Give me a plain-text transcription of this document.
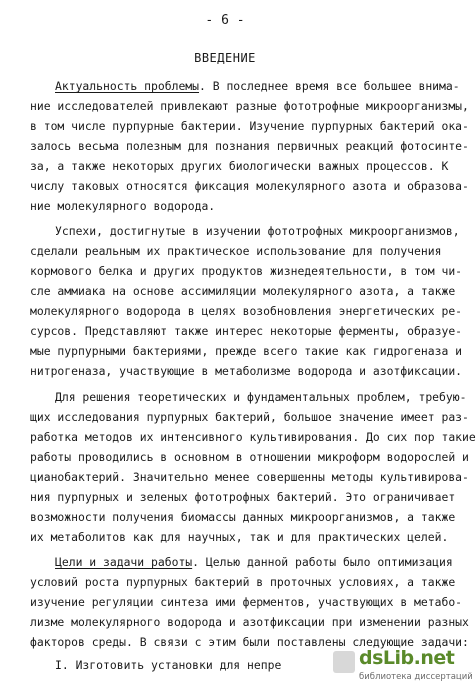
- 6 -
ВВЕДЕНИЕ
Актуальность проблемы. В последнее время все большее внима-
ние исследователей привлекают разные фототрофные микроорганизмы,
в том числе пурпурные бактерии. Изучение пурпурных бактерий ока-
залось весьма полезным для познания первичных реакций фотосинте-
за, а также некоторых других биологически важных процессов. К
числу таковых относятся фиксация молекулярного азота и образова-
ние молекулярного водорода.
Успехи, достигнутые в изучении фототрофных микроорганизмов,
сделали реальным их практическое использование для получения
кормового белка и других продуктов жизнедеятельности, в том чи-
сле аммиака на основе ассимиляции молекулярного азота, а также
молекулярного водорода в целях возобновления энергетических ре-
сурсов. Представляют также интерес некоторые ферменты, образуе-
мые пурпурными бактериями, прежде всего такие как гидрогеназа и
нитрогеназа, участвующие в метаболизме водорода и азотфиксации.
Для решения теоретических и фундаментальных проблем, требую-
щих исследования пурпурных бактерий, большое значение имеет раз-
работка методов их интенсивного культивирования. До сих пор такие
работы проводились в основном в отношении микроформ водорослей и
цианобактерий. Значительно менее совершенны методы культивирова-
ния пурпурных и зеленых фототрофных бактерий. Это ограничивает
возможности получения биомассы данных микроорганизмов, а также
их метаболитов как для научных, так и для практических целей.
Цели и задачи работы. Целью данной работы было оптимизация
условий роста пурпурных бактерий в проточных условиях, а также
изучение регуляции синтеза ими ферментов, участвующих в метабо-
лизме молекулярного водорода и азотфиксации при изменении разных
факторов среды. В связи с этим были поставлены следующие задачи:
I. Изготовить установки для непре	dsLib.net
библиотека диссертаций
